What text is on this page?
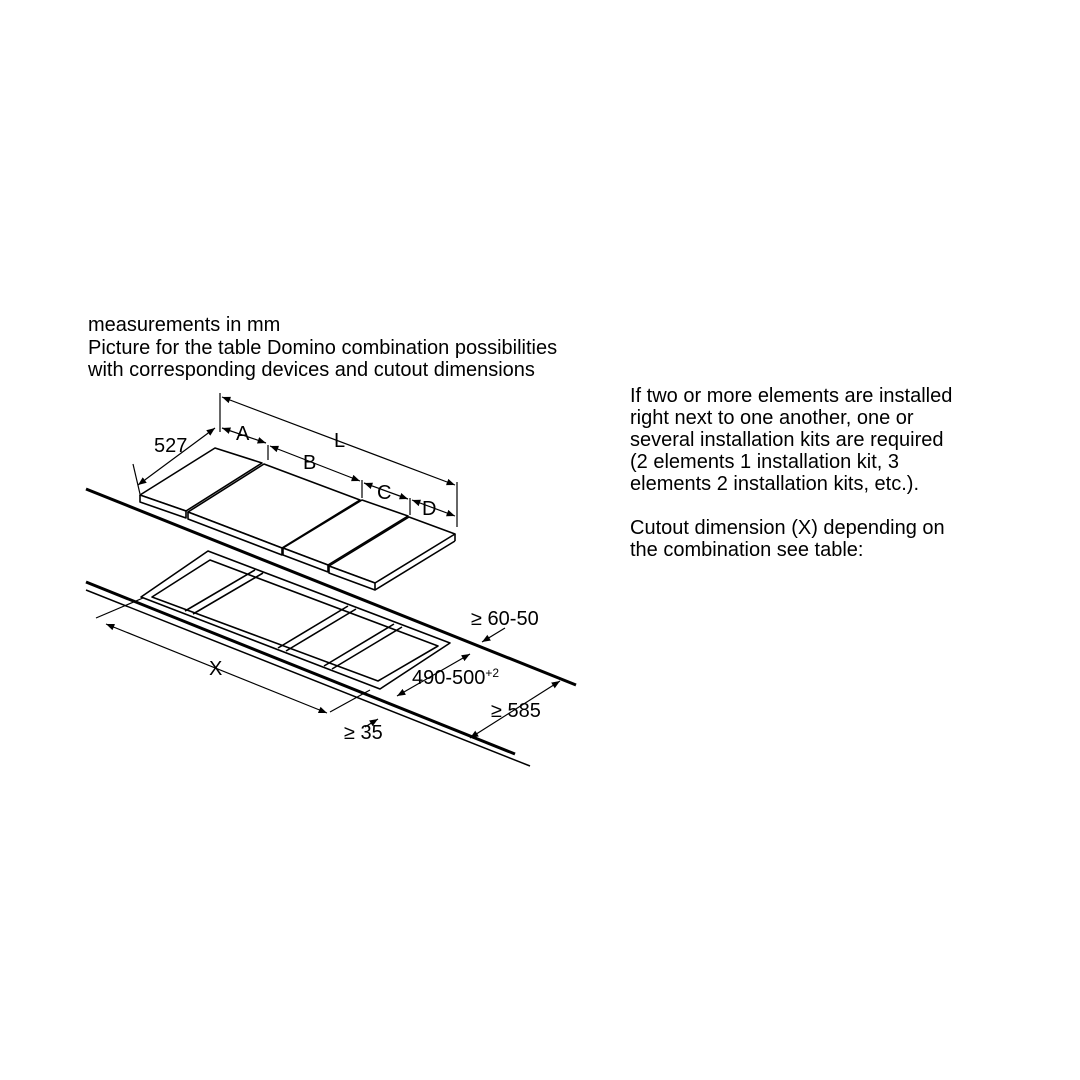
measurements in mm
Picture for the table Domino combination possibilities
with corresponding devices and cutout dimensions
If two or more elements are installed
right next to one another, one or
several installation kits are required
(2 elements 1 installation kit, 3
elements 2 installation kits, etc.).
Cutout dimension (X) depending on
the combination see table:
527
A	L
B
C
D
X
≥ 60-50
$490-500^{+2}$
≥ 585
≥ 35
